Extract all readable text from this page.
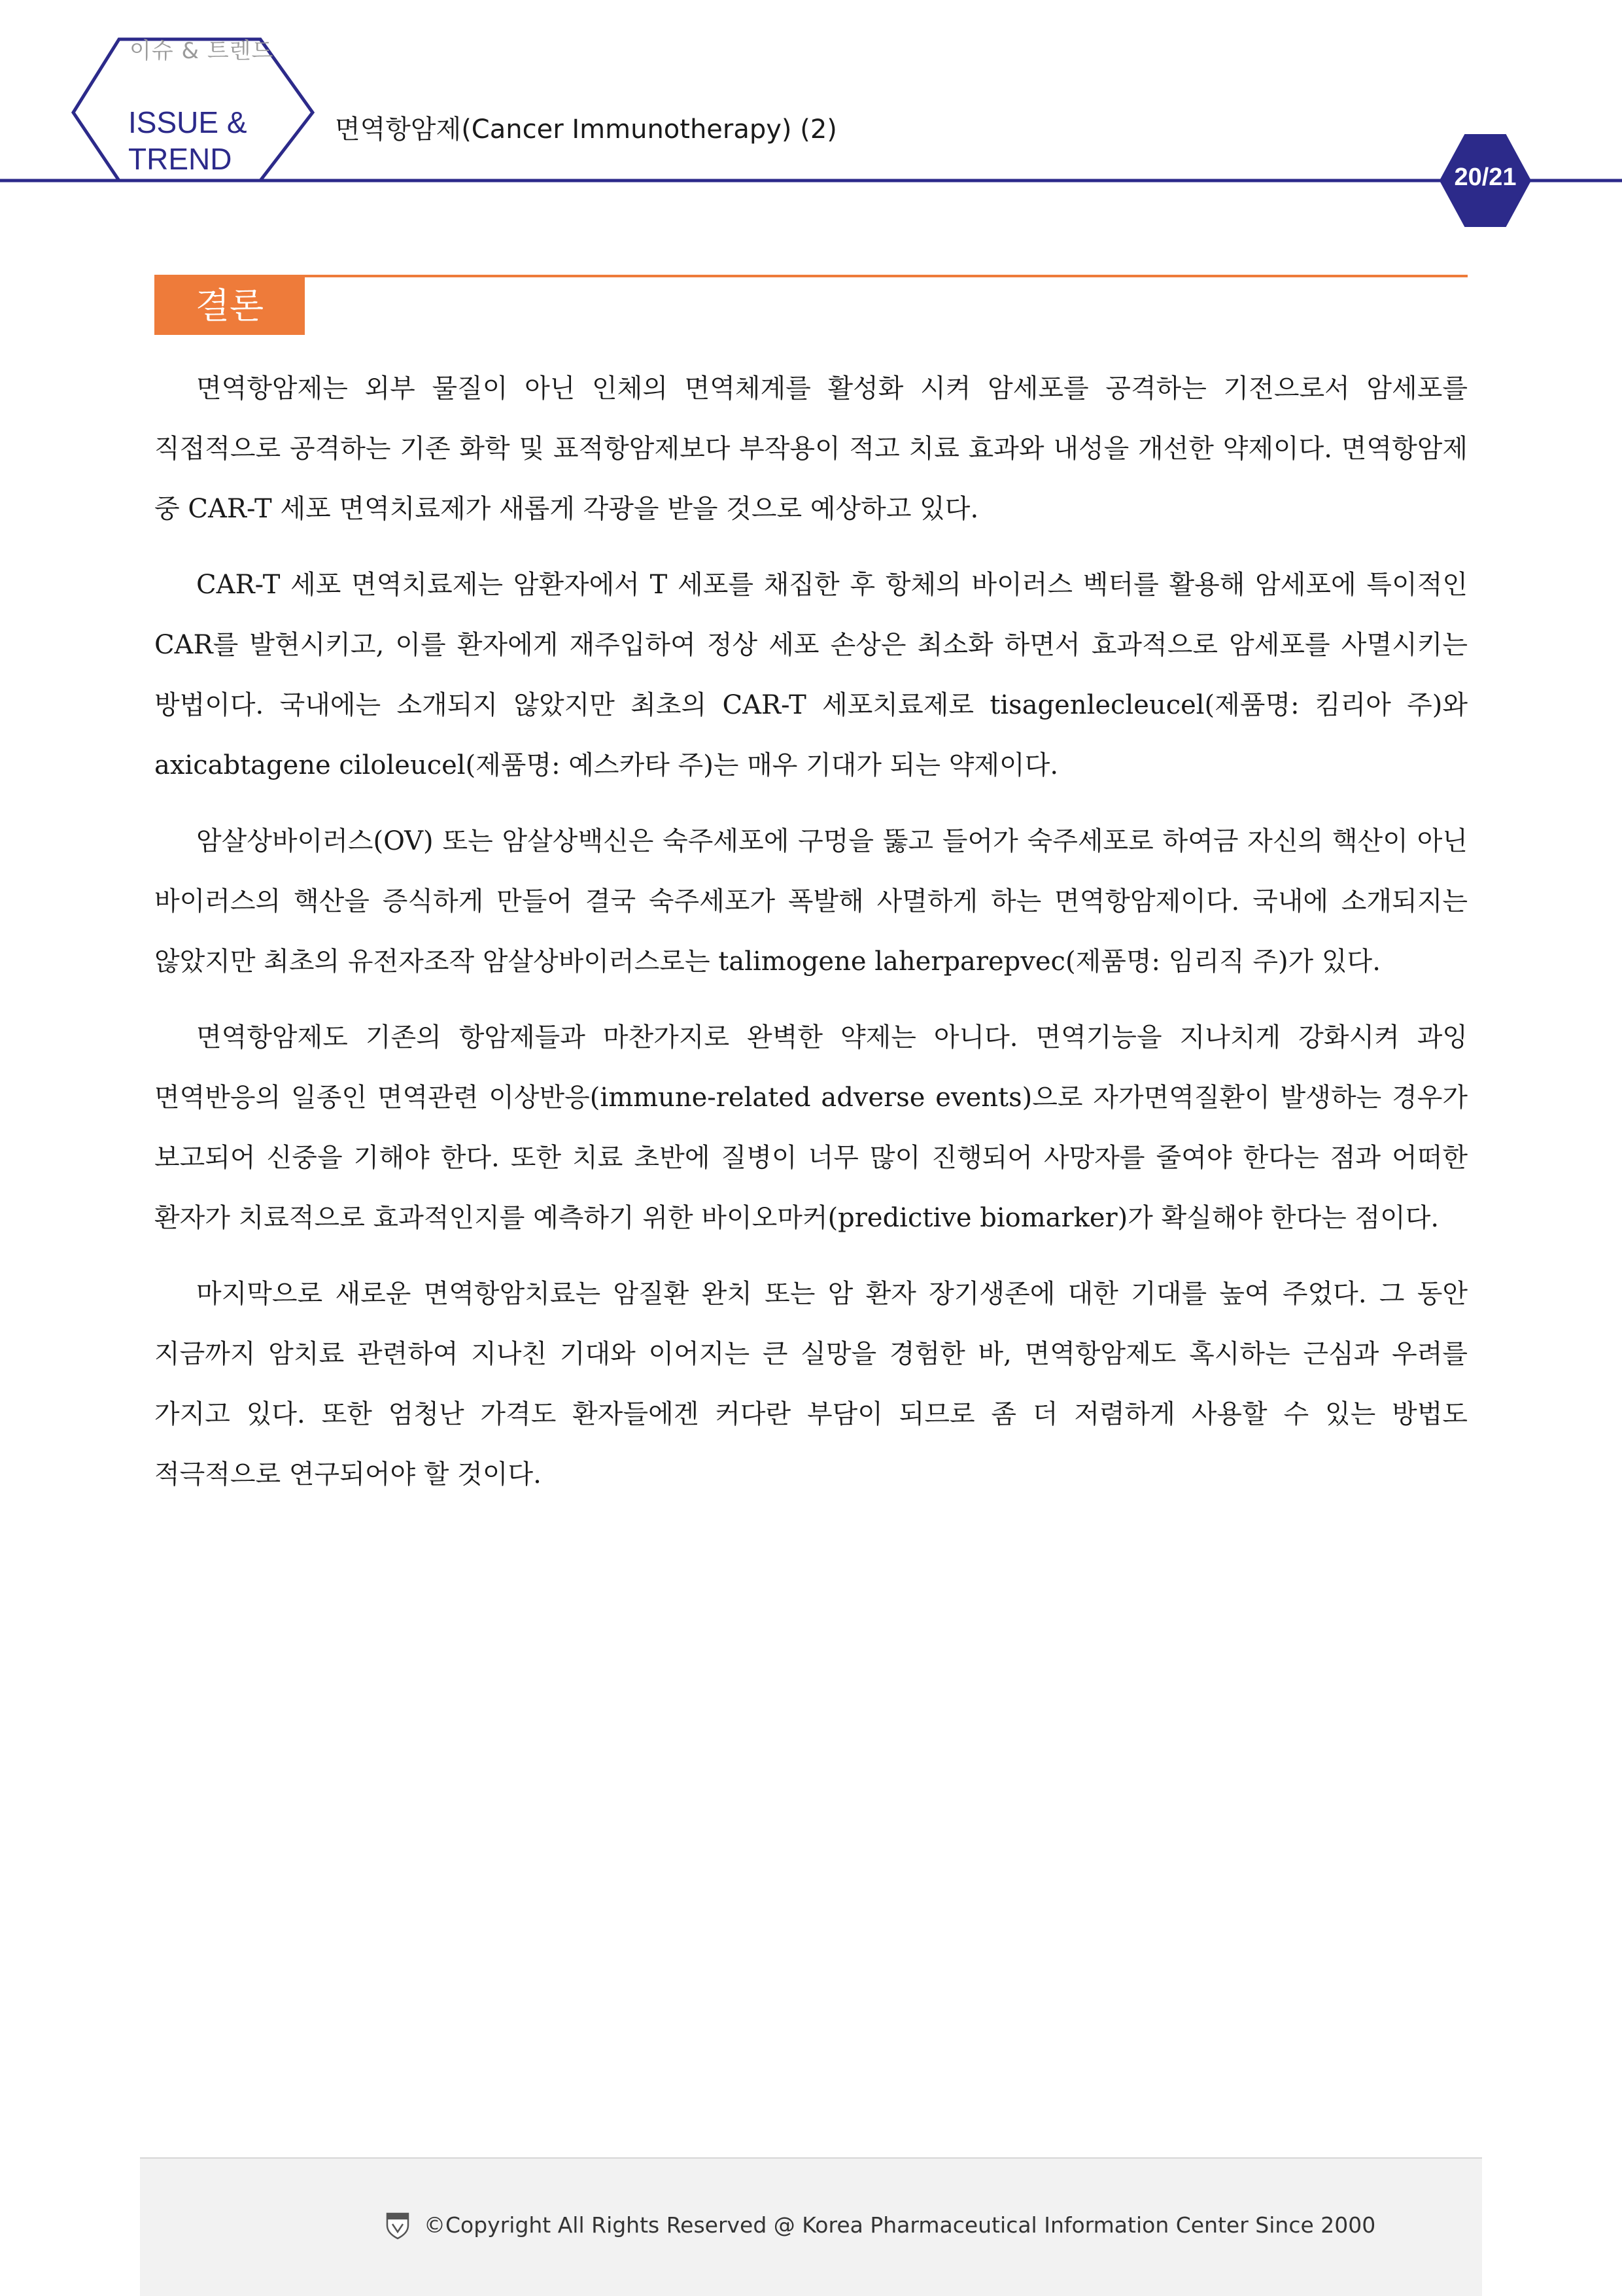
이슈 & 트렌드
ISSUE &
TREND
면역항암제(Cancer Immunotherapy) (2)
20/21
결론

면역항암제는 외부 물질이 아닌 인체의 면역체계를 활성화 시켜 암세포를 공격하는 기전으로서 암세포를 직접적으로 공격하는 기존 화학 및 표적항암제보다 부작용이 적고 치료 효과와 내성을 개선한 약제이다. 면역항암제 중 CAR-T 세포 면역치료제가 새롭게 각광을 받을 것으로 예상하고 있다.

CAR-T 세포 면역치료제는 암환자에서 T 세포를 채집한 후 항체의 바이러스 벡터를 활용해 암세포에 특이적인 CAR를 발현시키고, 이를 환자에게 재주입하여 정상 세포 손상은 최소화 하면서 효과적으로 암세포를 사멸시키는 방법이다. 국내에는 소개되지 않았지만 최초의 CAR-T 세포치료제로 tisagenlecleucel(제품명: 킴리아 주)와 axicabtagene ciloleucel(제품명: 예스카타 주)는 매우 기대가 되는 약제이다.

암살상바이러스(OV) 또는 암살상백신은 숙주세포에 구멍을 뚫고 들어가 숙주세포로 하여금 자신의 핵산이 아닌 바이러스의 핵산을 증식하게 만들어 결국 숙주세포가 폭발해 사멸하게 하는 면역항암제이다. 국내에 소개되지는 않았지만 최초의 유전자조작 암살상바이러스로는 talimogene laherparepvec(제품명: 임리직 주)가 있다.

면역항암제도 기존의 항암제들과 마찬가지로 완벽한 약제는 아니다. 면역기능을 지나치게 강화시켜 과잉 면역반응의 일종인 면역관련 이상반응(immune-related adverse events)으로 자가면역질환이 발생하는 경우가 보고되어 신중을 기해야 한다. 또한 치료 초반에 질병이 너무 많이 진행되어 사망자를 줄여야 한다는 점과 어떠한 환자가 치료적으로 효과적인지를 예측하기 위한 바이오마커(predictive biomarker)가 확실해야 한다는 점이다.

마지막으로 새로운 면역항암치료는 암질환 완치 또는 암 환자 장기생존에 대한 기대를 높여 주었다. 그 동안 지금까지 암치료 관련하여 지나친 기대와 이어지는 큰 실망을 경험한 바, 면역항암제도 혹시하는 근심과 우려를 가지고 있다. 또한 엄청난 가격도 환자들에겐 커다란 부담이 되므로 좀 더 저렴하게 사용할 수 있는 방법도 적극적으로 연구되어야 할 것이다.

©Copyright All Rights Reserved @ Korea Pharmaceutical Information Center Since 2000
